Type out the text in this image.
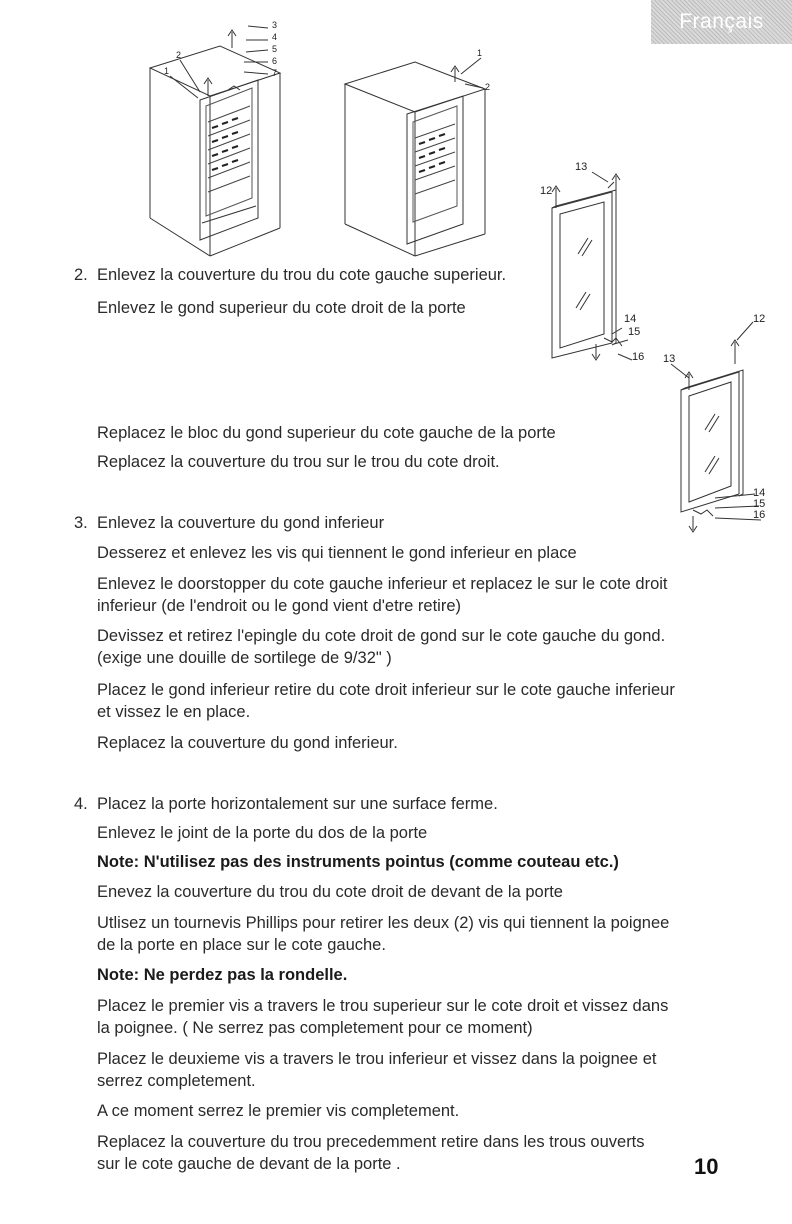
Français
2
1
3
4
5
6
7
1
2
13
12
14
15
16
12
13
14
15
16
2. Enlevez la couverture du trou du cote gauche superieur.
Enlevez le gond superieur du cote droit de la porte
Replacez le bloc du gond superieur du cote gauche de la porte
Replacez la couverture du trou sur le trou du cote droit.
3. Enlevez la couverture du gond inferieur
Desserez et enlevez les vis qui tiennent le gond inferieur en place
Enlevez le doorstopper du cote gauche inferieur et replacez le sur le cote droit
inferieur (de l'endroit ou le gond vient d'etre retire)
Devissez et retirez l'epingle du cote droit de gond sur le cote gauche du gond.
(exige une douille de sortilege de 9/32" )
Placez le gond inferieur retire du cote droit inferieur sur le cote gauche inferieur
et vissez le en place.
Replacez la couverture du gond inferieur.
4. Placez la porte horizontalement sur une surface ferme.
Enlevez le joint de la porte du dos de la porte
Note: N'utilisez pas des instruments pointus (comme couteau etc.)
Enevez la couverture du trou du cote droit de devant de la porte
Utlisez un tournevis Phillips pour retirer les deux (2) vis qui tiennent la poignee
de la porte en place sur le cote gauche.
Note: Ne perdez pas la rondelle.
Placez le premier vis a travers le trou superieur sur le cote droit et vissez dans
la poignee. ( Ne serrez pas completement pour ce moment)
Placez le deuxieme vis a travers le trou inferieur et vissez dans la poignee et
serrez completement.
A ce moment serrez le premier vis completement.
Replacez la couverture du trou precedemment retire dans les trous ouverts
sur le cote gauche de devant de la porte .	10
